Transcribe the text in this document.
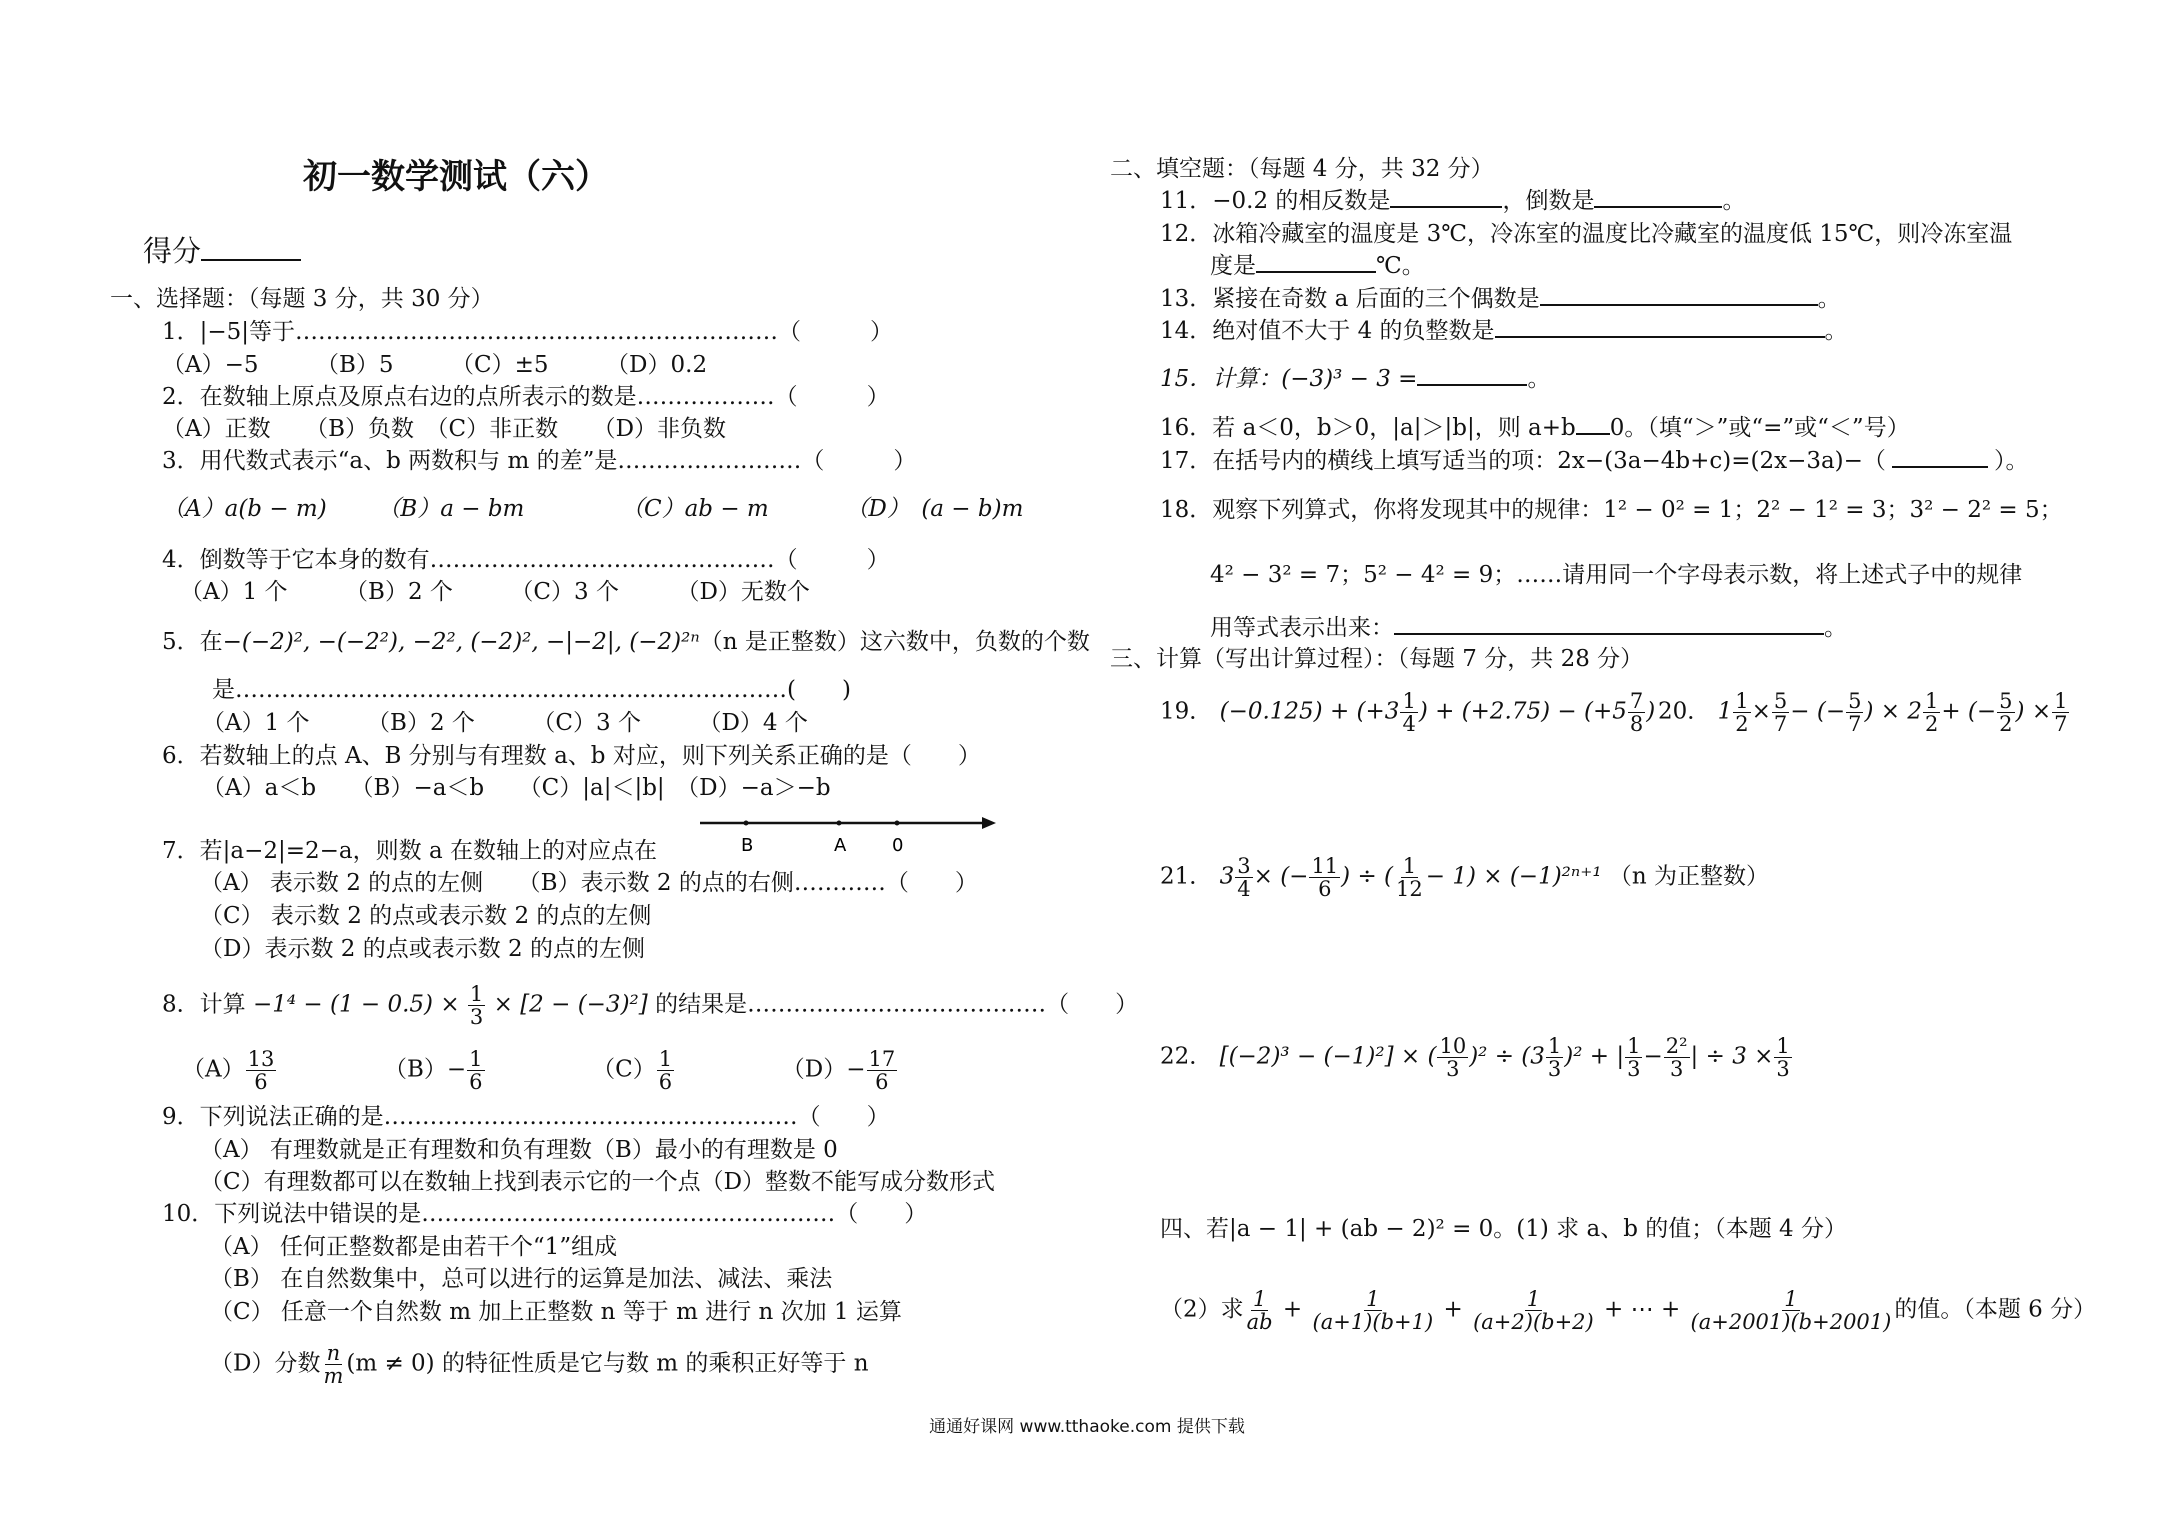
初一数学测试（六）
得分
一、选择题：（每题 3 分，共 30 分）
1．|−5|等于………………………………………………………（　　　）
（A）−5　　　（B）5　　　（C）±5　　　（D）0.2
2．在数轴上原点及原点右边的点所表示的数是………………（　　　）
（A）正数　　（B）负数　（C）非正数　　（D）非负数
3．用代数式表示“a、b 两数积与 m 的差”是……………………（　　　）
（A）a(b − m) （B）a − bm	（C）ab − m	（D）　(a − b)m
4．倒数等于它本身的数有………………………………………（　　　）
（A）1 个　　　（B）2 个　　　（C）3 个　　　（D）无数个
5．在−(−2)², −(−2²), −2², (−2)², −|−2|, (−2)²ⁿ（n 是正整数）这六数中，负数的个数
是………………………………………………………………(　　)
（A）1 个　　　（B）2 个　　　（C）3 个　　　（D）4 个
6．若数轴上的点 A、B 分别与有理数 a、b 对应，则下列关系正确的是（　　）
（A）a＜b　　（B）−a＜b　　（C）|a|＜|b|　（D）−a＞−b
B	A	0
7．若|a−2|=2−a，则数 a 在数轴上的对应点在
（A） 表示数 2 的点的左侧　　（B）表示数 2 的点的右侧…………（　　）
（C） 表示数 2 的点或表示数 2 的点的左侧
（D）表示数 2 的点或表示数 2 的点的左侧
8．计算 $-1^4 - (1 - 0.5) \times \frac{1}{3} \times [2 - (-3)^2]$ 的结果是…………………………………（　　）
$(A) \frac{13}{6}$	$(B)- \frac{1}{6}$	$(C) \frac{1}{6}$	$(D)- \frac{17}{6}$
9．下列说法正确的是………………………………………………（　　）
（A） 有理数就是正有理数和负有理数（B）最小的有理数是 0
（C）有理数都可以在数轴上找到表示它的一个点（D）整数不能写成分数形式
10．下列说法中错误的是………………………………………………（　　）
（A） 任何正整数都是由若干个“1”组成
（B） 在自然数集中，总可以进行的运算是加法、减法、乘法
（C） 任意一个自然数 m 加上正整数 n 等于 m 进行 n 次加 1 运算
（D）分数 $\frac{n}{m} (m \ne 0)$ 的特征性质是它与数 m 的乘积正好等于 n
二、填空题：（每题 4 分，共 32 分）
11．−0.2 的相反数是	，倒数是	。
12．冰箱冷藏室的温度是 3℃，冷冻室的温度比冷藏室的温度低 15℃，则冷冻室温
度是	℃。
13．紧接在奇数 a 后面的三个偶数是	。
14．绝对值不大于 4 的负整数是	。
15．计算：(−3)³ − 3 =	。
16．若 a＜0，b＞0，|a|＞|b|，则 a+b 0。（填“＞”或“=”或“＜”号）
17．在括号内的横线上填写适当的项：2x−(3a−4b+c)=(2x−3a)−（	）。
18．观察下列算式，你将发现其中的规律：1² − 0² = 1；2² − 1² = 3；3² − 2² = 5；
4² − 3² = 7；5² − 4² = 9；……请用同一个字母表示数，将上述式子中的规律
用等式表示出来：	。
三、计算（写出计算过程）：（每题 7 分，共 28 分）
19． $(-0.125) + (+3 \frac{1}{4}$ ) + $(+2.75) - (+5 \frac{7}{8}$ ) 20． $1 \frac{1}{2} \times \frac{5}{7}$ − (− $\frac{5}{7}$ ) × $2 \frac{1}{2}$ + (− $\frac{5}{2}$ ) × $\frac{1}{7}$
21． $3 \frac{3}{4}$ × (− $\frac{11}{6}$ ) ÷ ( $\frac{1}{12} - 1) \times (-1)^{2n+1}$ （n 为正整数）
22． [(−2)³ − (−1)²] × ( $\frac{10}{3} )^2 \div (3 \frac{1}{3} )^2$ + | $\frac{1}{3} - \frac{\text{2²}}{3}$ | ÷ $3 \times \frac{1}{3}$
四、若|a − 1| + (ab − 2)² = 0。(1) 求 a、b 的值；（本题 4 分）
（2）求 $\frac{1}{ab} + \frac{1}{(a+1)(b+1)} + \frac{1}{(a+2)(b+2)}$ + ⋯ + $\frac{1}{(a+2001)(b+2001)}$ 的值。（本题 6 分）
通通好课网 www.tthaoke.com 提供下载
